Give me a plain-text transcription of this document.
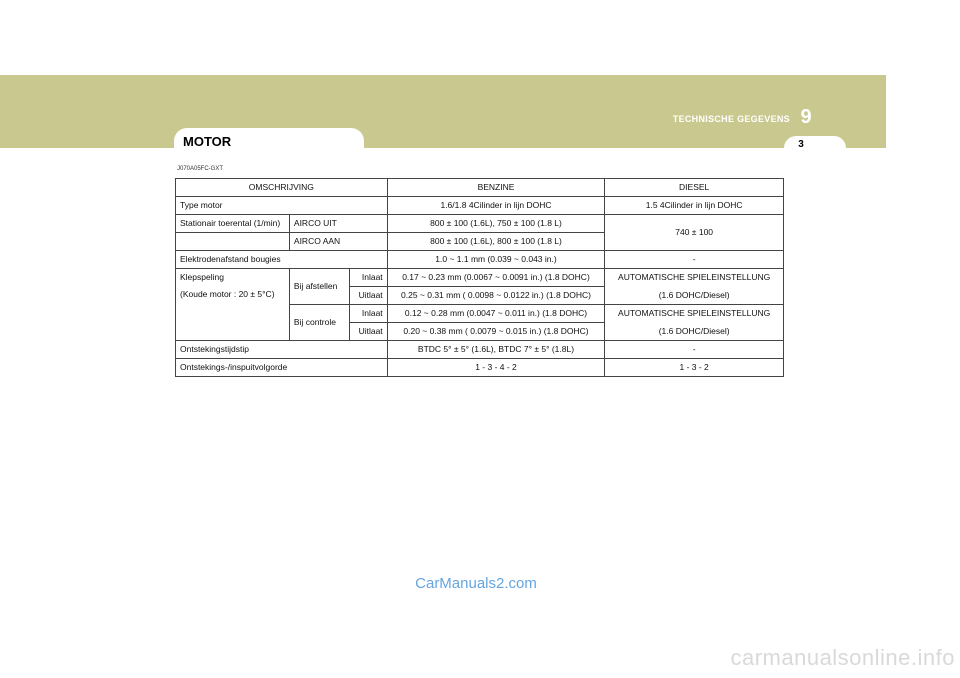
TECHNISCHE GEGEVENS 9
3
MOTOR
J070A05FC-GXT
OMSCHRIJVING			BENZINE	DIESEL
Type motor			1.6/1.8 4Cilinder in lijn DOHC	1.5 4Cilinder in lijn DOHC
Stationair toerental (1/min)	AIRCO UIT		800 ± 100 (1.6L), 750 ± 100 (1.8 L)	740 ± 100
	AIRCO AAN		800 ± 100 (1.6L), 800 ± 100 (1.8 L)	
Elektrodenafstand bougies			1.0 ~ 1.1 mm (0.039 ~ 0.043 in.)	-

Klepspeling
(Koude motor : 20 ± 5°C)	Bij afstellen	Inlaat	0.17 ~ 0.23 mm (0.0067 ~ 0.0091 in.) (1.8 DOHC)	AUTOMATISCHE SPIELEINSTELLUNG
		Uitlaat	0.25 ~ 0.31 mm ( 0.0098 ~ 0.0122 in.) (1.8 DOHC)	(1.6 DOHC/Diesel)
	Bij controle	Inlaat	0.12 ~ 0.28 mm (0.0047 ~ 0.011 in.) (1.8 DOHC)	AUTOMATISCHE SPIELEINSTELLUNG
		Uitlaat	0.20 ~ 0.38 mm ( 0.0079 ~ 0.015 in.) (1.8 DOHC)	(1.6 DOHC/Diesel)
Ontstekingstijdstip			BTDC 5° ± 5° (1.6L), BTDC 7° ± 5° (1.8L)	-
Ontstekings-/inspuitvolgorde			1 - 3 - 4 - 2	1 - 3 - 2
CarManuals2.com
carmanualsonline.info
